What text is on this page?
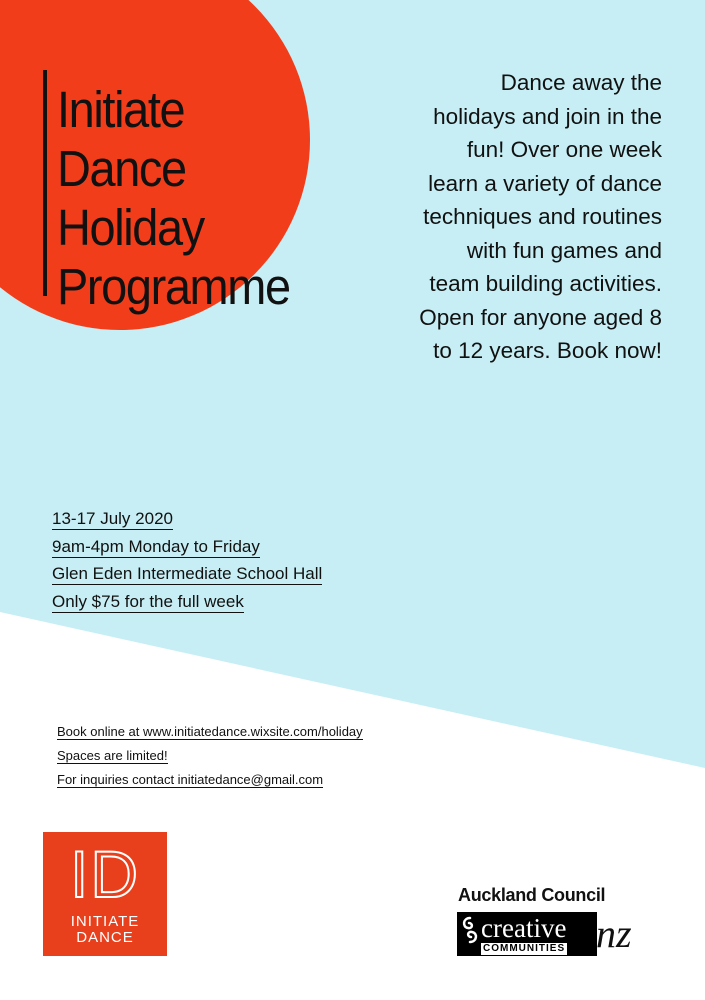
Initiate
Dance
Holiday
Programme

Dance away the holidays and join in the fun! Over one week learn a variety of dance techniques and routines with fun games and team building activities. Open for anyone aged 8 to 12 years. Book now!

13-17 July 2020
9am-4pm Monday to Friday
Glen Eden Intermediate School Hall
Only $75 for the full week
Book online at www.initiatedance.wixsite.com/holiday
Spaces are limited!
For inquiries contact initiatedance@gmail.com
ID
INITIATE
DANCE
Auckland Council
creative
COMMUNITIES nz
